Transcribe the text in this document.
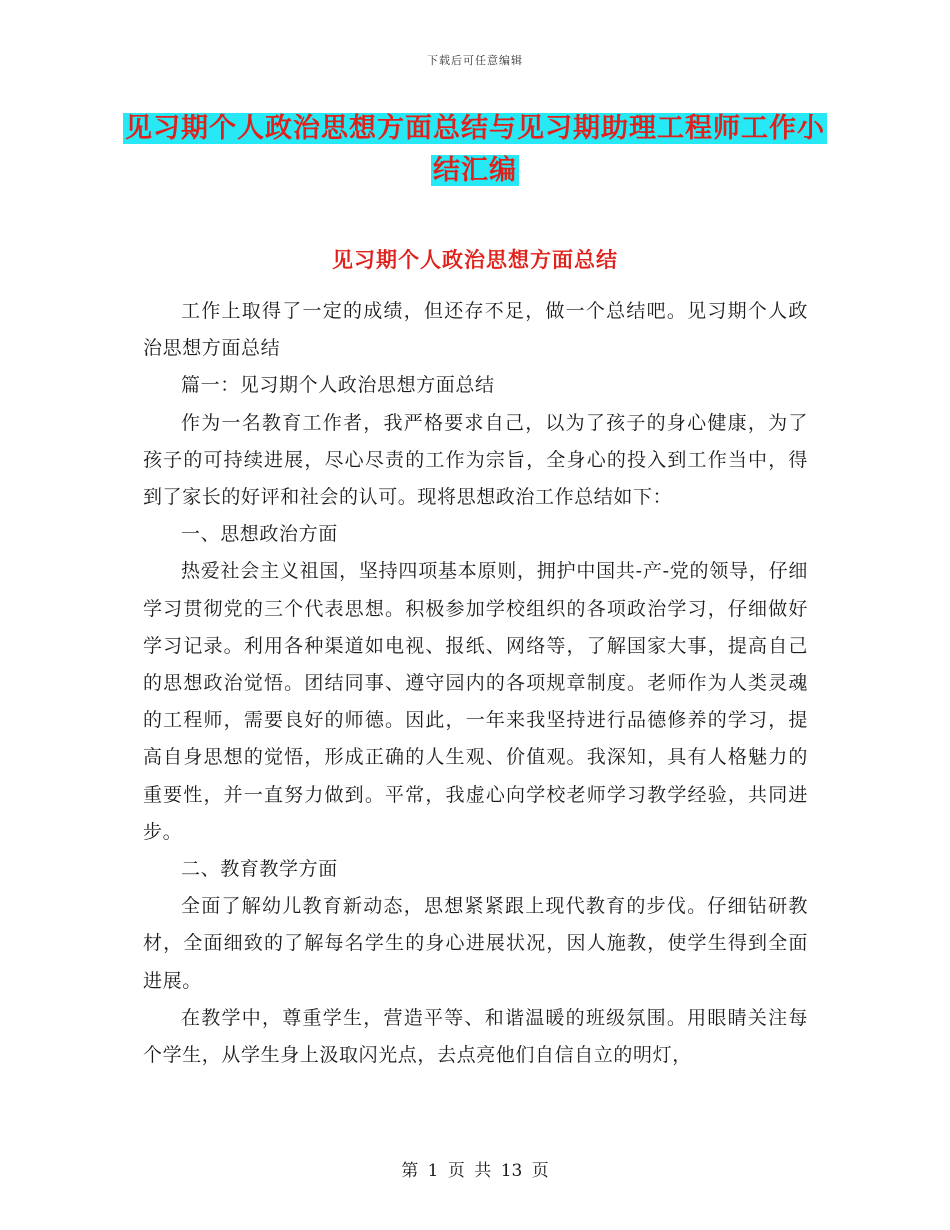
下载后可任意编辑
见习期个人政治思想方面总结与见习期助理工程师工作小结汇编
见习期个人政治思想方面总结

工作上取得了一定的成绩，但还存不足，做一个总结吧。见习期个人政治思想方面总结

篇一：见习期个人政治思想方面总结

作为一名教育工作者，我严格要求自己，以为了孩子的身心健康，为了孩子的可持续进展，尽心尽责的工作为宗旨，全身心的投入到工作当中，得到了家长的好评和社会的认可。现将思想政治工作总结如下：

一、思想政治方面

热爱社会主义祖国，坚持四项基本原则，拥护中国共-产-党的领导，仔细学习贯彻党的三个代表思想。积极参加学校组织的各项政治学习，仔细做好学习记录。利用各种渠道如电视、报纸、网络等，了解国家大事，提高自己的思想政治觉悟。团结同事、遵守园内的各项规章制度。老师作为人类灵魂的工程师，需要良好的师德。因此，一年来我坚持进行品德修养的学习，提高自身思想的觉悟，形成正确的人生观、价值观。我深知，具有人格魅力的重要性，并一直努力做到。平常，我虚心向学校老师学习教学经验，共同进步。

二、教育教学方面

全面了解幼儿教育新动态，思想紧紧跟上现代教育的步伐。仔细钻研教材，全面细致的了解每名学生的身心进展状况，因人施教，使学生得到全面进展。

在教学中，尊重学生，营造平等、和谐温暖的班级氛围。用眼睛关注每个学生，从学生身上汲取闪光点，去点亮他们自信自立的明灯，

第 1 页 共 13 页
